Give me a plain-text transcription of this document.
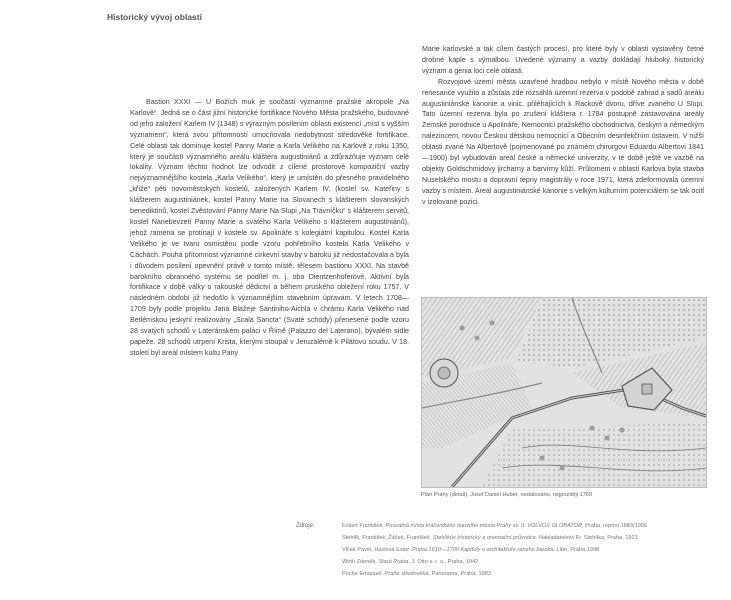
Historický vývoj oblasti

Bastion XXXI — U Božích muk je součástí významné pražské akropole „Na Karlově“. Jedná se o část jižní historické fortifikace Nového Města pražského, budované od jeho založení Karlem IV (1348) s výrazným posílením oblasti existencí „míst s vyšším významem“, která svou přítomností umocňovala nedobytnost středověké fortifikace. Celé oblasti tak dominuje kostel Panny Marie a Karla Velikého na Karlově z roku 1350, který je součástí významného areálu kláštera augustiniánů a zdůrazňuje význam celé lokality. Význam těchto hodnot lze odvodit z cílené prostorové kompoziční vazby nejvýznamnějšího kostela „Karla Velikého“, který je umístěn do přesného pravidelného „kříže“ pěti novoměstských kostelů, založených Karlem IV. (kostel sv. Kateřiny s klášterem augustiniánek, kostel Panny Marie na Slovanech s klášterem slovanských benediktinů, kostel Zvěstování Panny Marie Na Slupi „Na Trávníčku“ s klášterem servitů, kostel Nanebevzetí Panny Marie a svatého Karla Velikého s klášterem augustiniánů), jehož ramena se protínají v kostele sv. Apolináře s kolegiátní kapitulou. Kostel Karla Velikého je ve tvaru osmistěnu podle vzoru pohřebního kostela Karla Velikého v Cáchách. Pouhá přítomnost významné církevní stavby v baroku již nedostačovala a byla i důvodem posílení opevnění právě v tomto místě, tělesem bastionu XXXI. Na stavbě barokního obranného systému se podílel m. j. oba Dientzenhoferové. Aktivní byla fortifikace v době války o rakouské dědictví a během pruského obležení roku 1757. V následném období již nedošlo k významnějším stavebním úpravám. V letech 1708—1709 byly podle projektu Jana Blažeje Santiniho-Aichla v chrámu Karla Velikého nad Betlémskou jeskyní realizovány „Scala Sancta“ (Svaté schody) přenesené podle vzoru 28 svatých schodů v Lateránském paláci v Římě (Palazzo del Laterano), bývalém sídle papeže. 28 schodů utrpení Krista, kterými stoupal v Jeruzalémě k Pilátovu soudu. V 18. století byl areál místem kultu Pany

Marie karlovské a tak cílem častých procesí, pro které byly v oblasti vystavěny četné drobné kaple s výmalbou. Uvedené významy a vazby dokládají hluboký historický význam a genia loci celé oblasti.

Rozvojové území města uzavřené hradbou nebylo v místě Nového města v době renesance využito a zůstala zde rozsáhlá územní rezerva v podobě zahrad a sadů areálu augustiniánské kanonie a vinic, přiléhajících k Rackově dvoru, dříve zvaného U Slupi. Tato územní rezerva byla po zrušení kláštera r. 1784 postupně zastavována areály Zemské porodnice u Apolináře, Nemocnicí pražského obchodnictva, českým a německým nalezincem, novou Českou dětskou nemocnicí a Obecním desinfekčním ústavem. V nižší oblasti zvané Na Albertově (pojmenované po známém chirurgovi Eduardu Albertovi 1841—1900) byl vybudován areál české a německé univerzity, v té době ještě ve vazbě na objekty Goldschmidovy jircharny a barvírny kůží. Průlomem v oblasti Karlova byla stavba Nuselského mostu a dopravní tepny magistrály v roce 1971, která zdeformovala územní vazby s místem. Areál augustiniánské kanonie s velkým kulturním potenciálem se tak ocitl v izolované pozici.

Plán Prahy (detail), Josef Daniel Huber, nedatováno, nejpozději 1769
Zdroje:	Eckert František. Posvátná místa královského hlavního města Prahy sv. II. VOLVOX GLOBATOR, Praha, reprint 1883/1996
Stehlík, František, Žáček, František. Stehlíkův historický a orientační průvodce. Nakladatelství Fr. Stehlíka, Praha, 1921
Vlček Pavel, Havlová Ester. Praha 1610—1700 Kapitoly o architektuře raného baroka. Libri, Praha,1998
Wirth Zdeněk. Stará Praha, J. Otto s. r. o., Praha, 1942
Poche Emanuel. Praha středověká. Panorama, Praha, 1983
